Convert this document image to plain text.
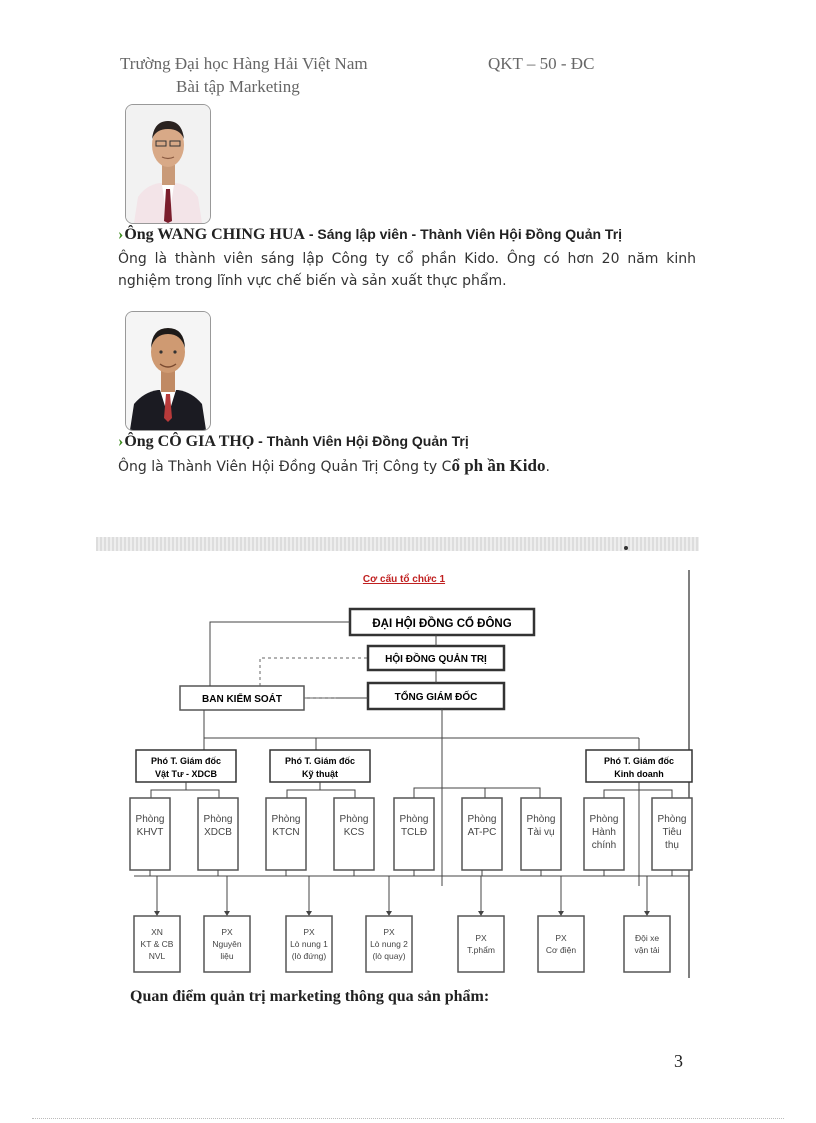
Trường Đại học Hàng Hải Việt Nam	QKT – 50 - ĐC
Bài tập Marketing
›Ông WANG CHING HUA - Sáng lập viên - Thành Viên Hội Đồng Quản Trị
Ông là thành viên sáng lập Công ty cổ phần Kido. Ông có hơn 20 năm kinh nghiệm trong lĩnh vực chế biến và sản xuất thực phẩm.
›Ông CÔ GIA THỌ - Thành Viên Hội Đồng Quản Trị
Ông là Thành Viên Hội Đồng Quản Trị Công ty Cổ ph ần Kido.
Cơ cấu tổ chức 1
ĐẠI HỘI ĐỒNG CỔ ĐÔNG
HỘI ĐỒNG QUẢN TRỊ
BAN KIỂM SOÁT	TỔNG GIÁM ĐỐC
Phó T. Giám đốc
Vật Tư - XDCB
Phó T. Giám đốc
Kỹ thuật
Phó T. Giám đốc
Kinh doanh
Phòng
KHVT
Phòng
XDCB
Phòng
KTCN
Phòng
KCS
Phòng
TCLĐ
Phòng
AT-PC
Phòng
Tài vụ
Phòng
Hành
chính
Phòng
Tiêu
thụ
XN
KT & CB
NVL
PX
Nguyên
liệu
PX
Lò nung 1
(lò đứng)
PX
Lò nung 2
(lò quay)
PX
T.phẩm
PX
Cơ điện
Đội xe
vận tải
Quan điểm quản trị marketing thông qua sản phẩm:
3
